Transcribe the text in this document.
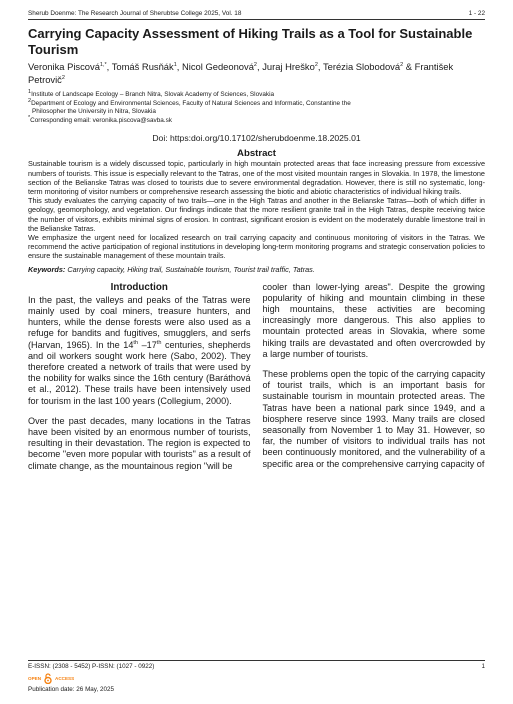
Sherub Doenme: The Research Journal of Sherubtse College 2025, Vol. 18	1 - 22
Carrying Capacity Assessment of Hiking Trails as a Tool for Sustainable Tourism
Veronika Piscová$^{1,*}$, Tomáš Rusňák$^1$, Nicol Gedeonová$^2$, Juraj Hreško$^2$, Terézia Slobodová$^2$ & František Petrovič$^2$

$^1$Institute of Landscape Ecology – Branch Nitra, Slovak Academy of Sciences, Slovakia

$^2$Department of Ecology and Environmental Sciences, Faculty of Natural Sciences and Informatic, Constantine the

Philosopher the University in Nitra, Slovakia

*Corresponding email: veronika.piscova@savba.sk

Doi: https:doi.org/10.17102/sherubdoenme.18.2025.01
Abstract

Sustainable tourism is a widely discussed topic, particularly in high mountain protected areas that face increasing pressure from excessive numbers of tourists. This issue is especially relevant to the Tatras, one of the most visited mountain ranges in Slovakia. In 1978, the limestone section of the Belianske Tatras was closed to tourists due to severe environmental degradation. However, there is still no systematic, long-term monitoring of visitor numbers or comprehensive research assessing the biotic and abiotic characteristics of individual hiking trails.

This study evaluates the carrying capacity of two trails—one in the High Tatras and another in the Belianske Tatras—both of which differ in geology, geomorphology, and vegetation. Our findings indicate that the more resilient granite trail in the High Tatras, despite receiving twice the number of visitors, exhibits minimal signs of erosion. In contrast, significant erosion is evident on the moderately durable limestone trail in the Belianske Tatras.

We emphasize the urgent need for localized research on trail carrying capacity and continuous monitoring of visitors in the Tatras. We recommend the active participation of regional institutions in developing long-term monitoring programs and strategic conservation policies to ensure the sustainable management of these mountain trails.

Keywords: Carrying capacity, Hiking trail, Sustainable tourism, Tourist trail traffic, Tatras.
Introduction

In the past, the valleys and peaks of the Tatras were mainly used by coal miners, treasure hunters, and hunters, while the dense forests were also used as a refuge for bandits and fugitives, smugglers, and serfs (Harvan, 1965). In the 14th –17th centuries, shepherds and oil workers sought work here (Sabo, 2002). They therefore created a network of trails that were used by the nobility for walks since the 16th century (Baráthová et al., 2012). These trails have been intensively used for tourism in the last 100 years (Collegium, 2000).

Over the past decades, many locations in the Tatras have been visited by an enormous number of tourists, resulting in their devastation. The region is expected to become "even more popular with tourists" as a result of climate change, as the mountainous region "will be

cooler than lower-lying areas". Despite the growing popularity of hiking and mountain climbing in these high mountains, these activities are becoming increasingly more dangerous. This also applies to mountain protected areas in Slovakia, where some hiking trails are devastated and often overcrowded by a large number of tourists.

These problems open the topic of the carrying capacity of tourist trails, which is an important basis for sustainable tourism in mountain protected areas. The Tatras have been a national park since 1949, and a biosphere reserve since 1993. Many trails are closed seasonally from November 1 to May 31. However, so far, the number of visitors to individual trails has not been continuously monitored, and the vulnerability of a specific area or the comprehensive carrying capacity of

E-ISSN: (2308 - 5452) P-ISSN: (1027 - 0922)	1
OPEN	ACCESS
Publication date: 26 May, 2025
